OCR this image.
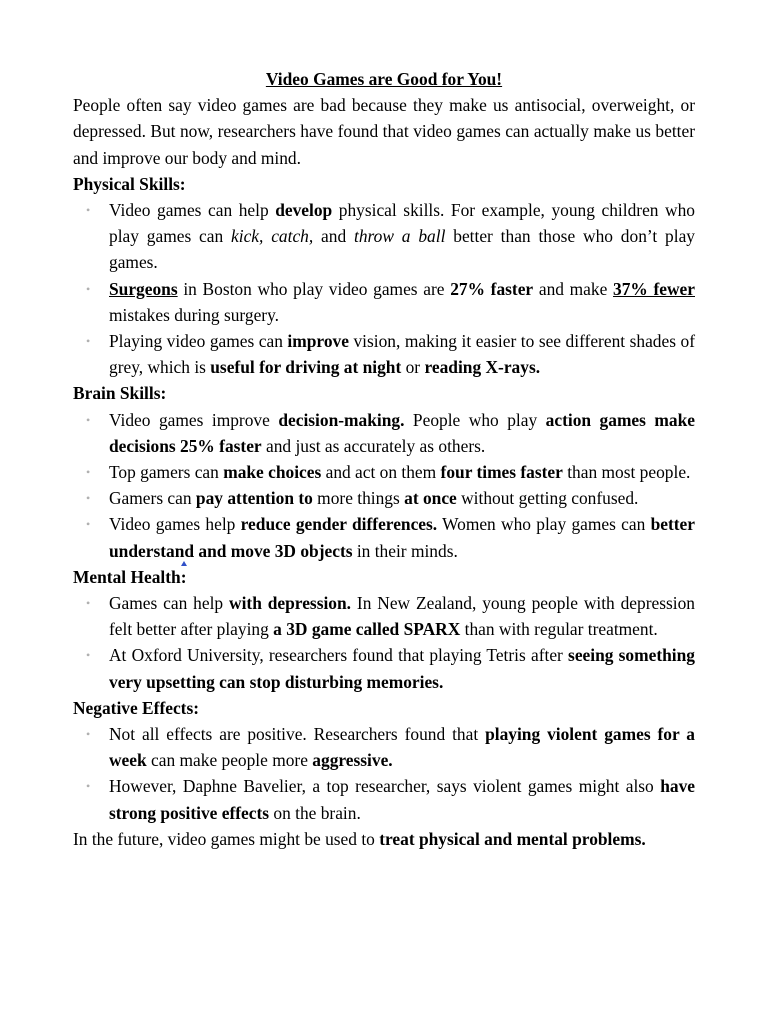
Video Games are Good for You!

People often say video games are bad because they make us antisocial, overweight, or depressed. But now, researchers have found that video games can actually make us better and improve our body and mind.

Physical Skills:

• Video games can help develop physical skills. For example, young children who play games can kick, catch, and throw a ball better than those who don’t play games.
• Surgeons in Boston who play video games are 27% faster and make 37% fewer mistakes during surgery.
• Playing video games can improve vision, making it easier to see different shades of grey, which is useful for driving at night or reading X-rays.

Brain Skills:

• Video games improve decision-making. People who play action games make decisions 25% faster and just as accurately as others.
• Top gamers can make choices and act on them four times faster than most people.
• Gamers can pay attention to more things at once without getting confused.
• Video games help reduce gender differences. Women who play games can better understand and move 3D objects in their minds.

Mental Health:

• Games can help with depression. In New Zealand, young people with depression felt better after playing a 3D game called SPARX than with regular treatment.
• At Oxford University, researchers found that playing Tetris after seeing something very upsetting can stop disturbing memories.

Negative Effects:

• Not all effects are positive. Researchers found that playing violent games for a week can make people more aggressive.
• However, Daphne Bavelier, a top researcher, says violent games might also have strong positive effects on the brain.

In the future, video games might be used to treat physical and mental problems.
